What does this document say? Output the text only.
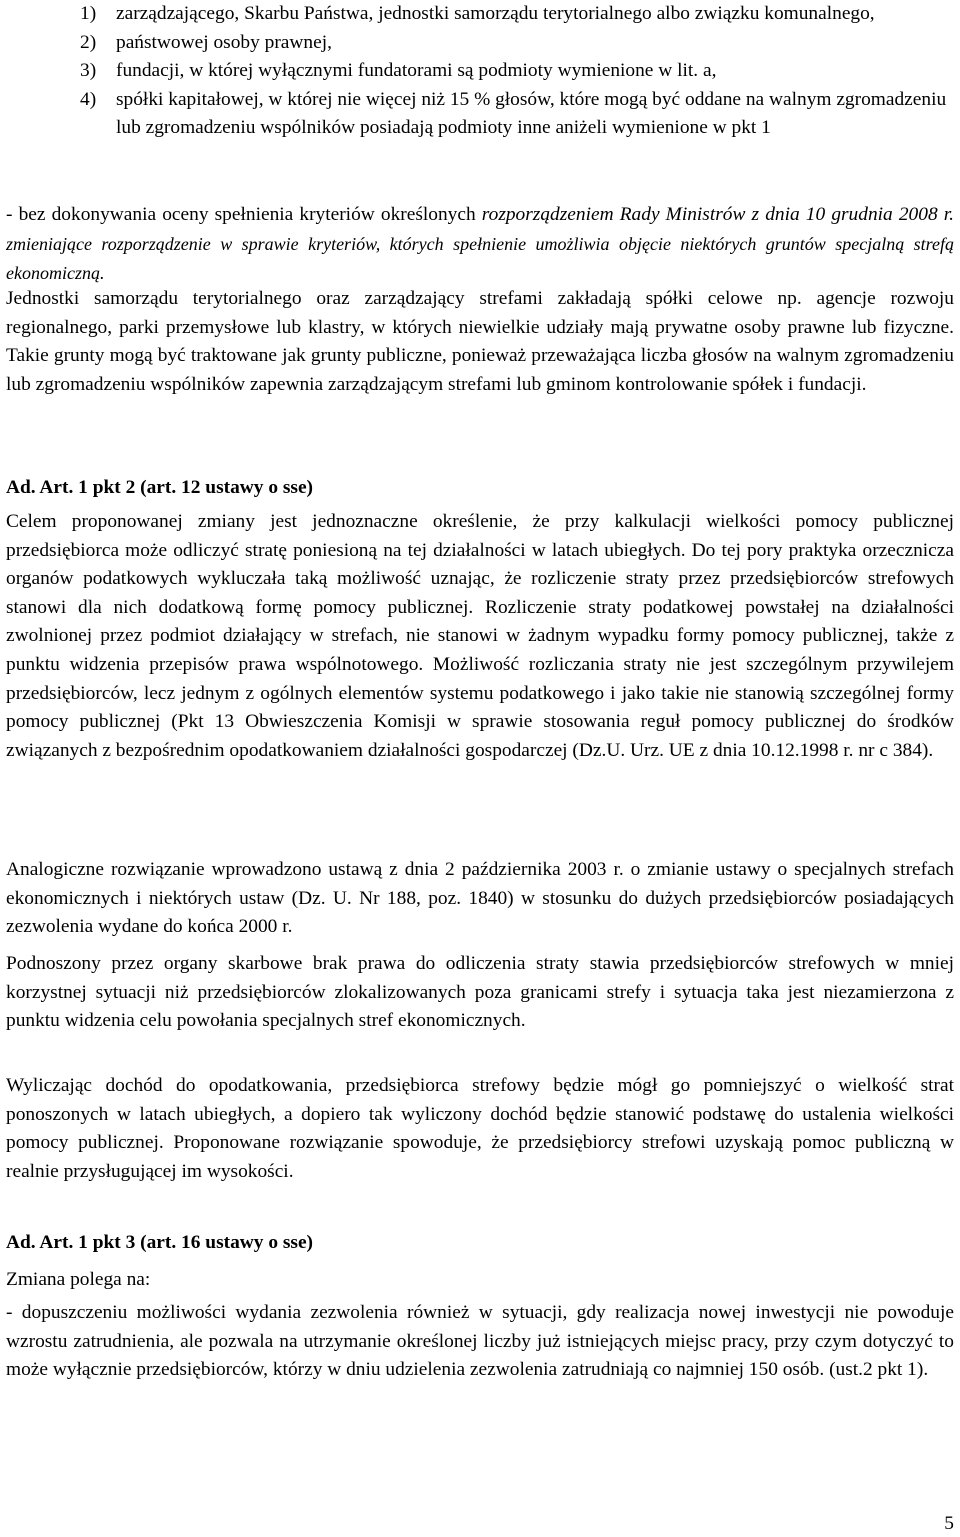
1)	zarządzającego, Skarbu Państwa, jednostki samorządu terytorialnego albo związku komunalnego,
2)	państwowej osoby prawnej,
3)	fundacji, w której wyłącznymi fundatorami są podmioty wymienione w lit. a,
4)	spółki kapitałowej, w której nie więcej niż 15 % głosów, które mogą być oddane na walnym zgromadzeniu lub zgromadzeniu wspólników posiadają podmioty inne aniżeli wymienione w pkt 1

- bez dokonywania oceny spełnienia kryteriów określonych rozporządzeniem Rady Ministrów z dnia 10 grudnia 2008 r. zmieniające rozporządzenie w sprawie kryteriów, których spełnienie umożliwia objęcie niektórych gruntów specjalną strefą ekonomiczną.

Jednostki samorządu terytorialnego oraz zarządzający strefami zakładają spółki celowe np. agencje rozwoju regionalnego, parki przemysłowe lub klastry, w których niewielkie udziały mają prywatne osoby prawne lub fizyczne. Takie grunty mogą być traktowane jak grunty publiczne, ponieważ przeważająca liczba głosów na walnym zgromadzeniu lub zgromadzeniu wspólników zapewnia zarządzającym strefami lub gminom kontrolowanie spółek i fundacji.

Ad. Art. 1 pkt 2 (art. 12 ustawy o sse)

Celem proponowanej zmiany jest jednoznaczne określenie, że przy kalkulacji wielkości pomocy publicznej przedsiębiorca może odliczyć stratę poniesioną na tej działalności w latach ubiegłych. Do tej pory praktyka orzecznicza organów podatkowych wykluczała taką możliwość uznając, że rozliczenie straty przez przedsiębiorców strefowych stanowi dla nich dodatkową formę pomocy publicznej. Rozliczenie straty podatkowej powstałej na działalności zwolnionej przez podmiot działający w strefach, nie stanowi w żadnym wypadku formy pomocy publicznej, także z punktu widzenia przepisów prawa wspólnotowego. Możliwość rozliczania straty nie jest szczególnym przywilejem przedsiębiorców, lecz jednym z ogólnych elementów systemu podatkowego i jako takie nie stanowią szczególnej formy pomocy publicznej (Pkt 13 Obwieszczenia Komisji w sprawie stosowania reguł pomocy publicznej do środków związanych z bezpośrednim opodatkowaniem działalności gospodarczej (Dz.U. Urz. UE z dnia 10.12.1998 r. nr c 384).

Analogiczne rozwiązanie wprowadzono ustawą z dnia 2 października 2003 r. o zmianie ustawy o specjalnych strefach ekonomicznych i niektórych ustaw (Dz. U. Nr 188, poz. 1840) w stosunku do dużych przedsiębiorców posiadających zezwolenia wydane do końca 2000 r.

Podnoszony przez organy skarbowe brak prawa do odliczenia straty stawia przedsiębiorców strefowych w mniej korzystnej sytuacji niż przedsiębiorców zlokalizowanych poza granicami strefy i sytuacja taka jest niezamierzona z punktu widzenia celu powołania specjalnych stref ekonomicznych.

Wyliczając dochód do opodatkowania, przedsiębiorca strefowy będzie mógł go pomniejszyć o wielkość strat ponoszonych w latach ubiegłych, a dopiero tak wyliczony dochód będzie stanowić podstawę do ustalenia wielkości pomocy publicznej. Proponowane rozwiązanie spowoduje, że przedsiębiorcy strefowi uzyskają pomoc publiczną w realnie przysługującej im wysokości.

Ad. Art. 1 pkt 3 (art. 16 ustawy o sse)

Zmiana polega na:

- dopuszczeniu możliwości wydania zezwolenia również w sytuacji, gdy realizacja nowej inwestycji nie powoduje wzrostu zatrudnienia, ale pozwala na utrzymanie określonej liczby już istniejących miejsc pracy, przy czym dotyczyć to może wyłącznie przedsiębiorców, którzy w dniu udzielenia zezwolenia zatrudniają co najmniej 150 osób. (ust.2 pkt 1).

5
